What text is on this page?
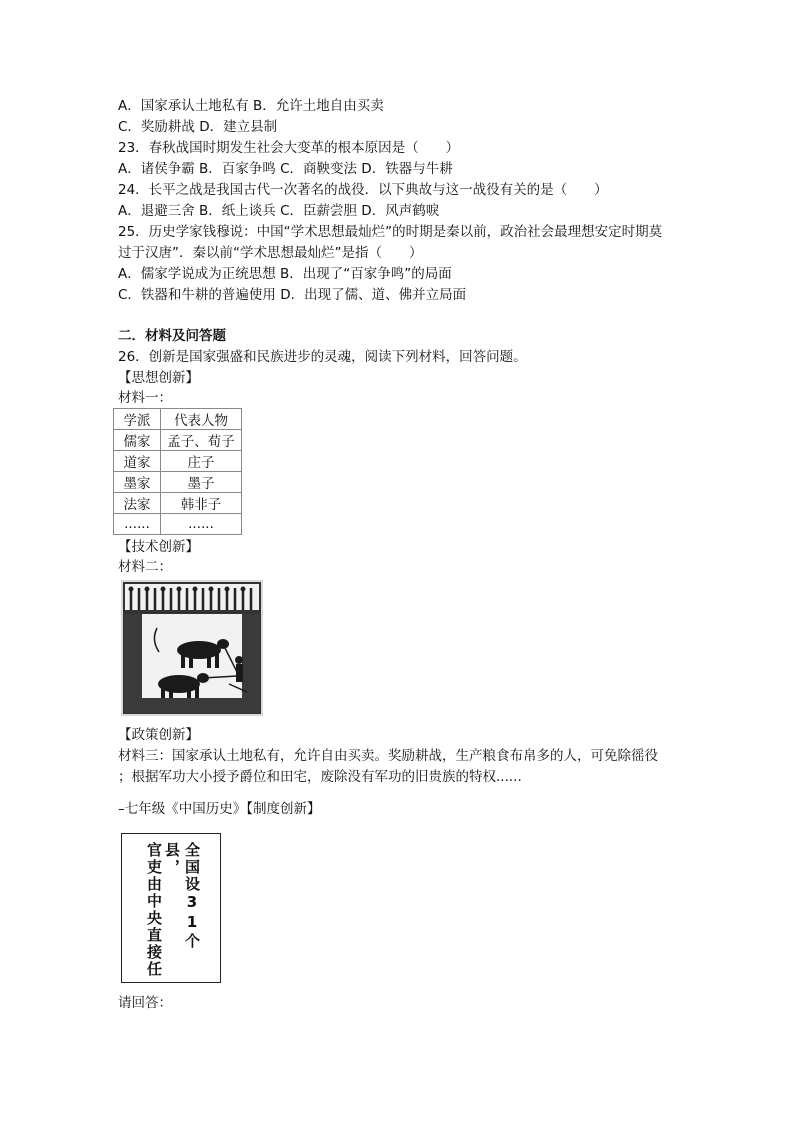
A．国家承认土地私有 B．允许土地自由买卖
C．奖励耕战 D．建立县制
23．春秋战国时期发生社会大变革的根本原因是（　　）
A．诸侯争霸 B．百家争鸣 C．商鞅变法 D．铁器与牛耕
24．长平之战是我国古代一次著名的战役．以下典故与这一战役有关的是（　　）
A．退避三舍 B．纸上谈兵 C．臣薪尝胆 D．风声鹤唳
25．历史学家钱穆说：中国“学术思想最灿烂”的时期是秦以前，政治社会最理想安定时期莫
过于汉唐”．秦以前“学术思想最灿烂”是指（　　）
A．儒家学说成为正统思想 B．出现了“百家争鸣”的局面
C．铁器和牛耕的普遍使用 D．出现了儒、道、佛并立局面
二．材料及问答题
26．创新是国家强盛和民族进步的灵魂，阅读下列材料，回答问题。
【思想创新】
材料一：
学派	代表人物
儒家	孟子、荀子
道家	庄子
墨家	墨子
法家	韩非子
......	......
【技术创新】
材料二：
【政策创新】
材料三：国家承认土地私有，允许自由买卖。奖励耕战，生产粮食布帛多的人，可免除徭役
；根据军功大小授予爵位和田宅，废除没有军功的旧贵族的特权......
–七年级《中国历史》【制度创新】
全国设31个县，
官吏由中央直接任
请回答：
